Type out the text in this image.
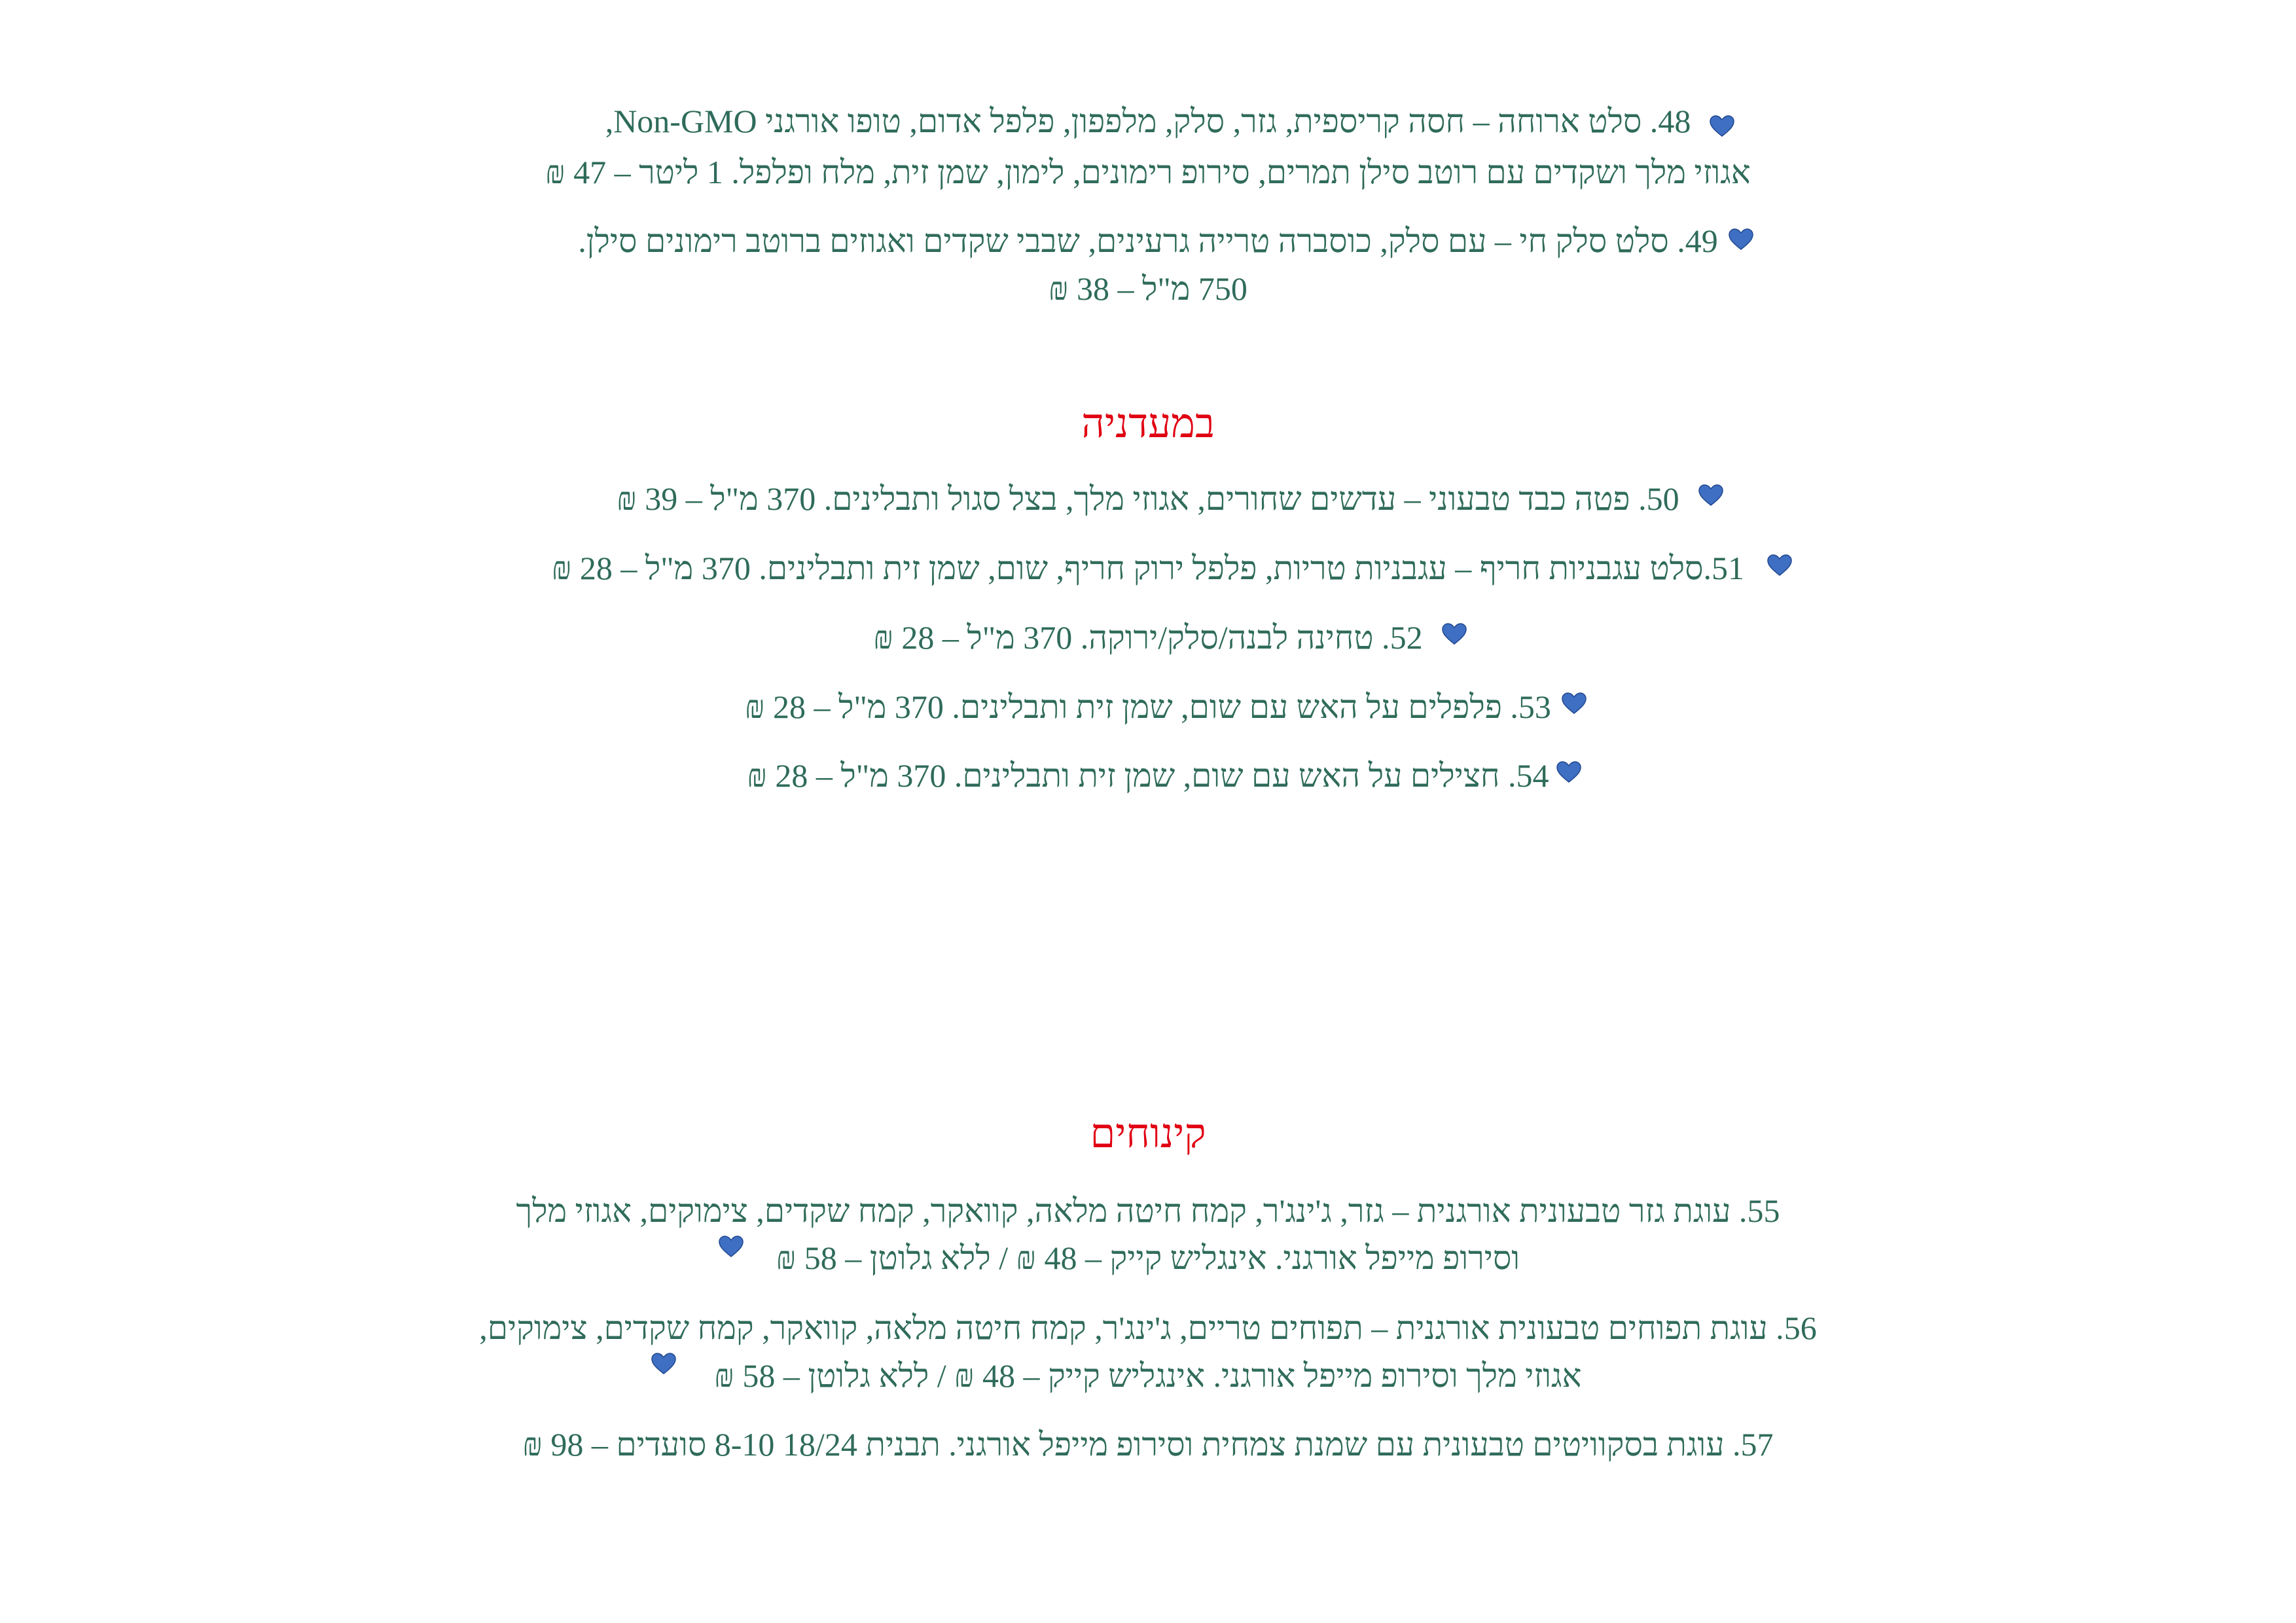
48. סלט ארוחה – חסה קריספית, גזר, סלק, מלפפון, פלפל אדום, טופו אורגני Non-GMO,
אגוזי מלך ושקדים עם רוטב סילן תמרים, סירופ רימונים, לימון, שמן זית, מלח ופלפל. 1 ליטר – 47 ₪
49. סלט סלק חי – עם סלק, כוסברה טרייה גרעינים, שבבי שקדים ואגוזים ברוטב רימונים סילן.
750 מ"ל – 38 ₪
במעדניה
50. פטה כבד טבעוני – עדשים שחורים, אגוזי מלך, בצל סגול ותבלינים. 370 מ"ל – 39 ₪
51.סלט עגבניות חריף – עגבניות טריות, פלפל ירוק חריף, שום, שמן זית ותבלינים. 370 מ"ל – 28 ₪
52. טחינה לבנה/סלק/ירוקה. 370 מ"ל – 28 ₪
53. פלפלים על האש עם שום, שמן זית ותבלינים. 370 מ"ל – 28 ₪
54. חצילים על האש עם שום, שמן זית ותבלינים. 370 מ"ל – 28 ₪
קינוחים
55. עוגת גזר טבעונית אורגנית – גזר, ג'ינג'ר, קמח חיטה מלאה, קוואקר, קמח שקדים, צימוקים, אגוזי מלך
וסירופ מייפל אורגני. אינגליש קייק – 48 ₪ / ללא גלוטן – 58 ₪
56. עוגת תפוחים טבעונית אורגנית – תפוחים טריים, ג'ינג'ר, קמח חיטה מלאה, קוואקר, קמח שקדים, צימוקים,
אגוזי מלך וסירופ מייפל אורגני. אינגליש קייק – 48 ₪ / ללא גלוטן – 58 ₪
57. עוגת בסקוויטים טבעונית עם שמנת צמחית וסירופ מייפל אורגני. תבנית 18/24 8-10 סועדים – 98 ₪
